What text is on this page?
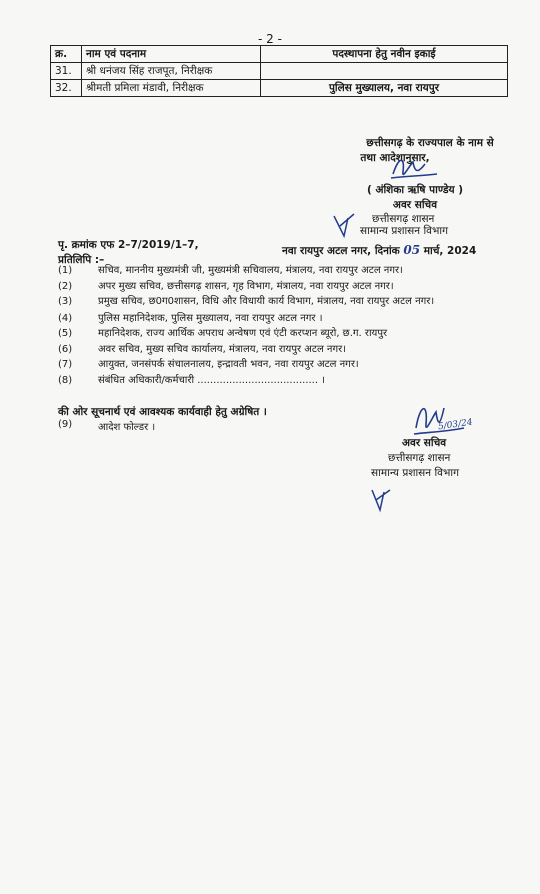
- 2 -
क्र.	नाम एवं पदनाम	पदस्थापना हेतु नवीन इकाई
31.	श्री धनंजय सिंह राजपूत, निरीक्षक	
32.	श्रीमती प्रमिला मंडावी, निरीक्षक	पुलिस मुख्यालय, नवा रायपुर
छत्तीसगढ़ के राज्यपाल के नाम से
तथा आदेशानुसार,
( अंशिका ऋषि पाण्डेय )
अवर सचिव
छत्तीसगढ़ शासन
सामान्य प्रशासन विभाग
पृ. क्रमांक एफ 2–7/2019/1–7,	नवा रायपुर अटल नगर, दिनांक 05 मार्च, 2024
प्रतिलिपि :–
(1)	सचिव, माननीय मुख्यमंत्री जी, मुख्यमंत्री सचिवालय, मंत्रालय, नवा रायपुर अटल नगर।
(2)	अपर मुख्य सचिव, छत्तीसगढ़ शासन, गृह विभाग, मंत्रालय, नवा रायपुर अटल नगर।
(3)	प्रमुख सचिव, छ0ग0शासन, विधि और विधायी कार्य विभाग, मंत्रालय, नवा रायपुर अटल नगर।
(4)	पुलिस महानिदेशक, पुलिस मुख्यालय, नवा रायपुर अटल नगर ।
(5)	महानिदेशक, राज्य आर्थिक अपराध अन्वेषण एवं एंटी करप्शन ब्यूरो, छ.ग. रायपुर
(6)	अवर सचिव, मुख्य सचिव कार्यालय, मंत्रालय, नवा रायपुर अटल नगर।
(7)	आयुक्त, जनसंपर्क संचालनालय, इन्द्रावती भवन, नवा रायपुर अटल नगर।
(8)	संबंधित अधिकारी/कर्मचारी ...................................... ।
की ओर सूचनार्थ एवं आवश्यक कार्यवाही हेतु अग्रेषित ।
(9)	आदेश फोल्डर ।	5/03/24
अवर सचिव
छत्तीसगढ़ शासन
सामान्य प्रशासन विभाग
